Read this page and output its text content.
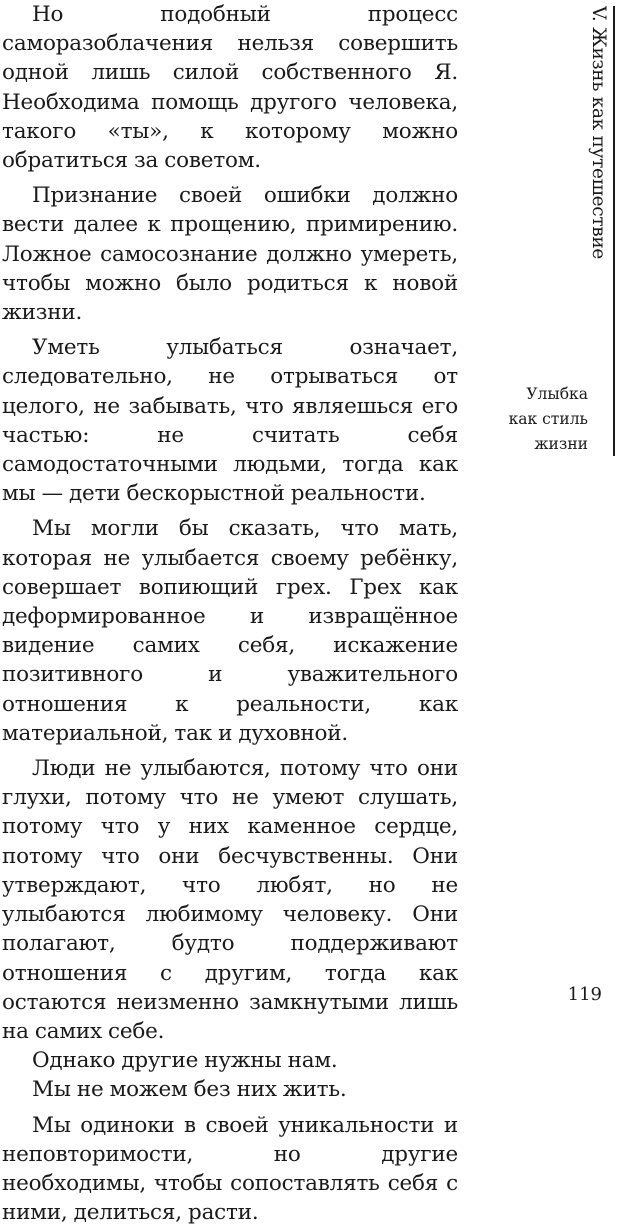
Но подобный процесс саморазоблачения нельзя совершить одной лишь силой собственного Я. Необходима помощь другого человека, такого «ты», к которому можно обратиться за советом.

Признание своей ошибки должно вести далее к прощению, примирению. Ложное самосознание должно умереть, чтобы можно было родиться к новой жизни.

Уметь улыбаться означает, следовательно, не отрываться от целого, не забывать, что являешься его частью: не считать себя самодостаточными людьми, тогда как мы — дети бескорыстной реальности.

Мы могли бы сказать, что мать, которая не улыбается своему ребёнку, совершает вопиющий грех. Грех как деформированное и извращённое видение самих себя, искажение позитивного и уважительного отношения к реальности, как материальной, так и духовной.

Люди не улыбаются, потому что они глухи, потому что не умеют слушать, потому что у них каменное сердце, потому что они бесчувственны. Они утверждают, что любят, но не улыбаются любимому человеку. Они полагают, будто поддерживают отношения с другим, тогда как остаются неизменно замкнутыми лишь на самих себе.

Однако другие нужны нам.

Мы не можем без них жить.

Мы одиноки в своей уникальности и неповторимости, но другие необходимы, чтобы сопоставлять себя с ними, делиться, расти.

V. Жизнь как путешествие
Улыбка
как стиль
жизни
119
